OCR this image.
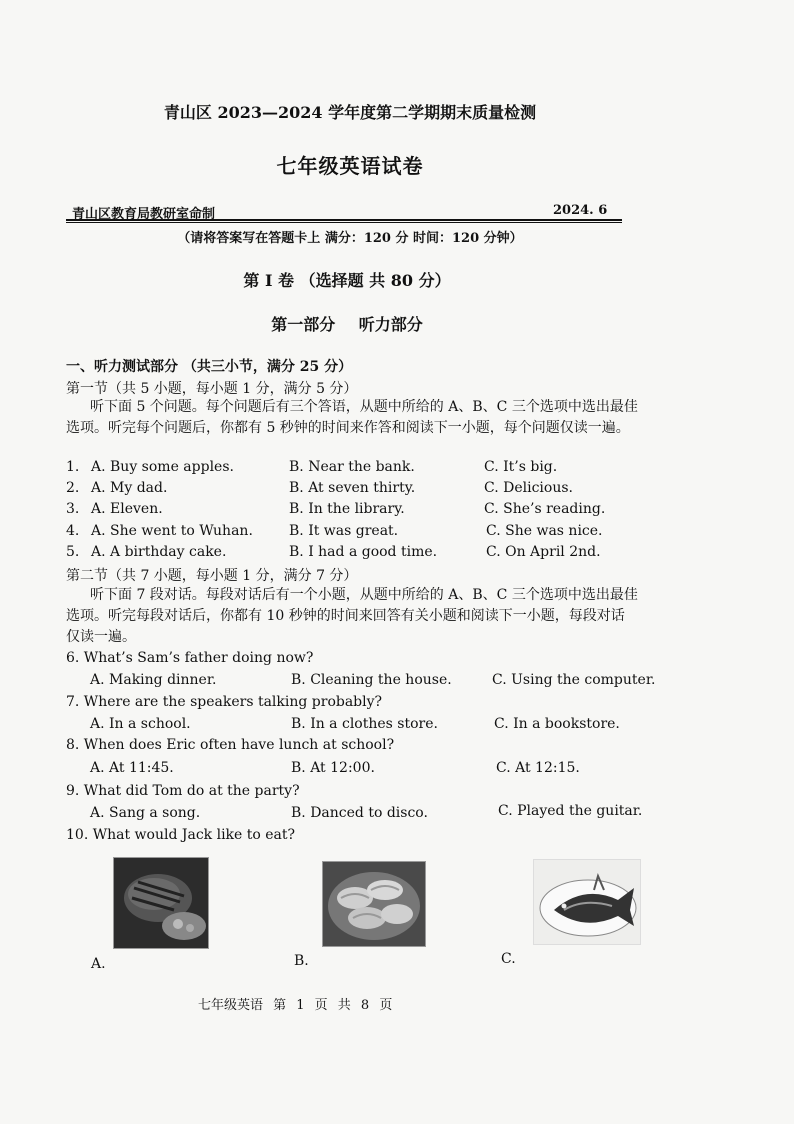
青山区 2023—2024 学年度第二学期期末质量检测
七年级英语试卷
青山区教育局教研室命制	2024. 6
（请将答案写在答题卡上 满分：120 分 时间：120 分钟）
第 I 卷 （选择题 共 80 分）
第一部分 听力部分
一、听力测试部分 （共三小节，满分 25 分）
第一节（共 5 小题，每小题 1 分，满分 5 分）
听下面 5 个问题。每个问题后有三个答语，从题中所给的 A、B、C 三个选项中选出最佳选项。听完每个问题后，你都有 5 秒钟的时间来作答和阅读下一小题，每个问题仅读一遍。
1. A. Buy some apples.	B. Near the bank.	C. It’s big.
2. A. My dad.	B. At seven thirty.	C. Delicious.
3. A. Eleven.	B. In the library.	C. She’s reading.
4. A. She went to Wuhan.	B. It was great.	C. She was nice.
5. A. A birthday cake.	B. I had a good time.	C. On April 2nd.
第二节（共 7 小题，每小题 1 分，满分 7 分）
听下面 7 段对话。每段对话后有一个小题，从题中所给的 A、B、C 三个选项中选出最佳选项。听完每段对话后，你都有 10 秒钟的时间来回答有关小题和阅读下一小题，每段对话仅读一遍。
6. What’s Sam’s father doing now?
A. Making dinner.	B. Cleaning the house.	C. Using the computer.
7. Where are the speakers talking probably?
A. In a school.	B. In a clothes store.	C. In a bookstore.
8. When does Eric often have lunch at school?
A. At 11:45.	B. At 12:00.	C. At 12:15.
9. What did Tom do at the party?
A. Sang a song.	B. Danced to disco.	C. Played the guitar.
10. What would Jack like to eat?
A.	B.	C.
七年级英语 第 1 页 共 8 页
